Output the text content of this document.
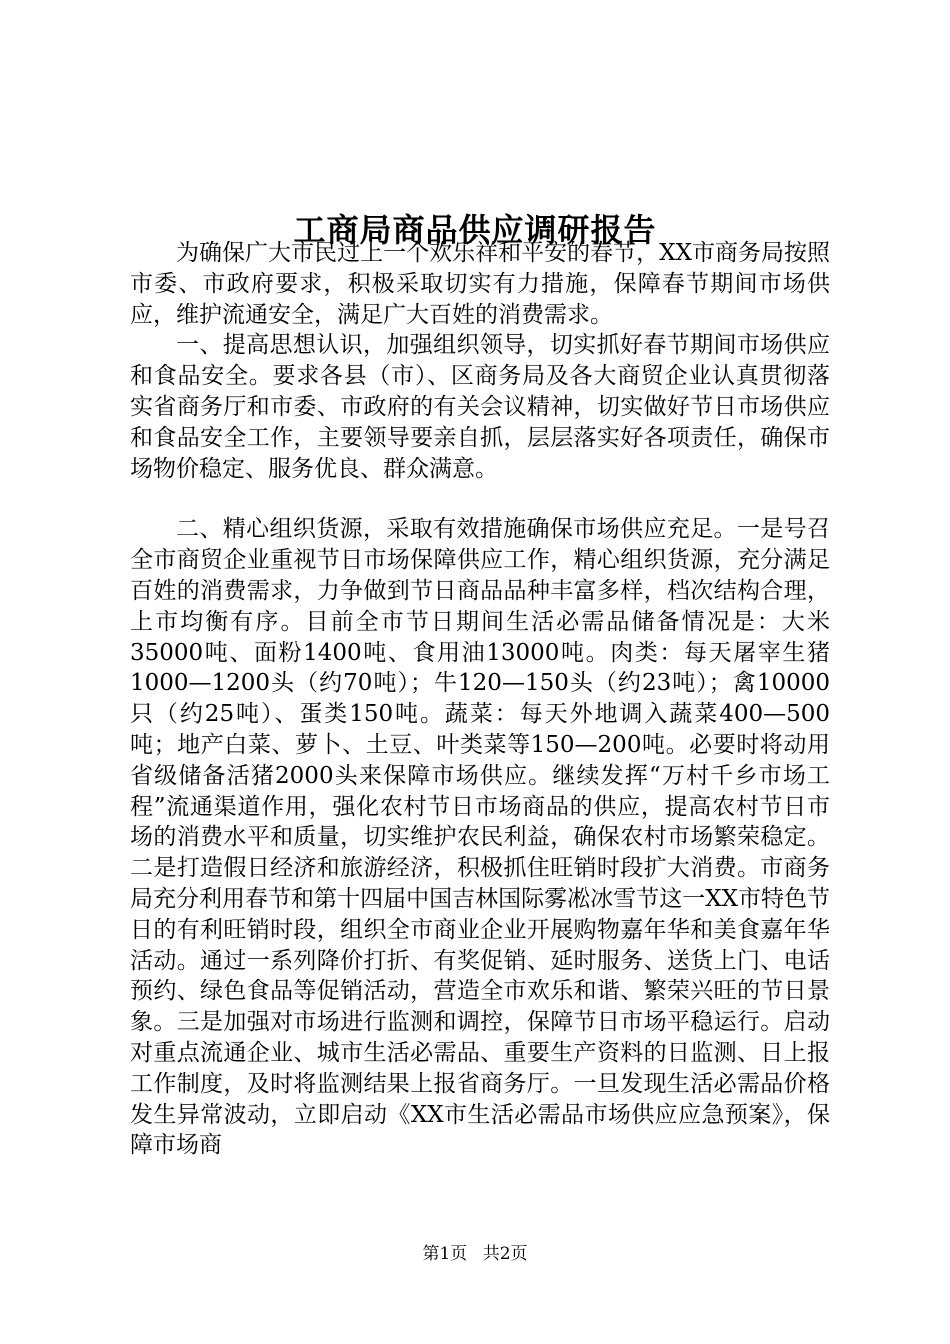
工商局商品供应调研报告

为确保广大市民过上一个欢乐祥和平安的春节，XX市商务局按照市委、市政府要求，积极采取切实有力措施，保障春节期间市场供应，维护流通安全，满足广大百姓的消费需求。

一、提高思想认识，加强组织领导，切实抓好春节期间市场供应和食品安全。要求各县（市）、区商务局及各大商贸企业认真贯彻落实省商务厅和市委、市政府的有关会议精神，切实做好节日市场供应和食品安全工作，主要领导要亲自抓，层层落实好各项责任，确保市场物价稳定、服务优良、群众满意。

二、精心组织货源，采取有效措施确保市场供应充足。一是号召全市商贸企业重视节日市场保障供应工作，精心组织货源，充分满足百姓的消费需求，力争做到节日商品品种丰富多样，档次结构合理，上市均衡有序。目前全市节日期间生活必需品储备情况是：大米35000吨、面粉1400吨、食用油13000吨。肉类：每天屠宰生猪1000—1200头（约70吨）；牛120—150头（约23吨）；禽10000只（约25吨）、蛋类150吨。蔬菜：每天外地调入蔬菜400—500吨；地产白菜、萝卜、土豆、叶类菜等150—200吨。必要时将动用省级储备活猪2000头来保障市场供应。继续发挥“万村千乡市场工程”流通渠道作用，强化农村节日市场商品的供应，提高农村节日市场的消费水平和质量，切实维护农民利益，确保农村市场繁荣稳定。二是打造假日经济和旅游经济，积极抓住旺销时段扩大消费。市商务局充分利用春节和第十四届中国吉林国际雾凇冰雪节这一XX市特色节日的有利旺销时段，组织全市商业企业开展购物嘉年华和美食嘉年华活动。通过一系列降价打折、有奖促销、延时服务、送货上门、电话预约、绿色食品等促销活动，营造全市欢乐和谐、繁荣兴旺的节日景象。三是加强对市场进行监测和调控，保障节日市场平稳运行。启动对重点流通企业、城市生活必需品、重要生产资料的日监测、日上报工作制度，及时将监测结果上报省商务厅。一旦发现生活必需品价格发生异常波动，立即启动《XX市生活必需品市场供应应急预案》，保障市场商

第1页 共2页
